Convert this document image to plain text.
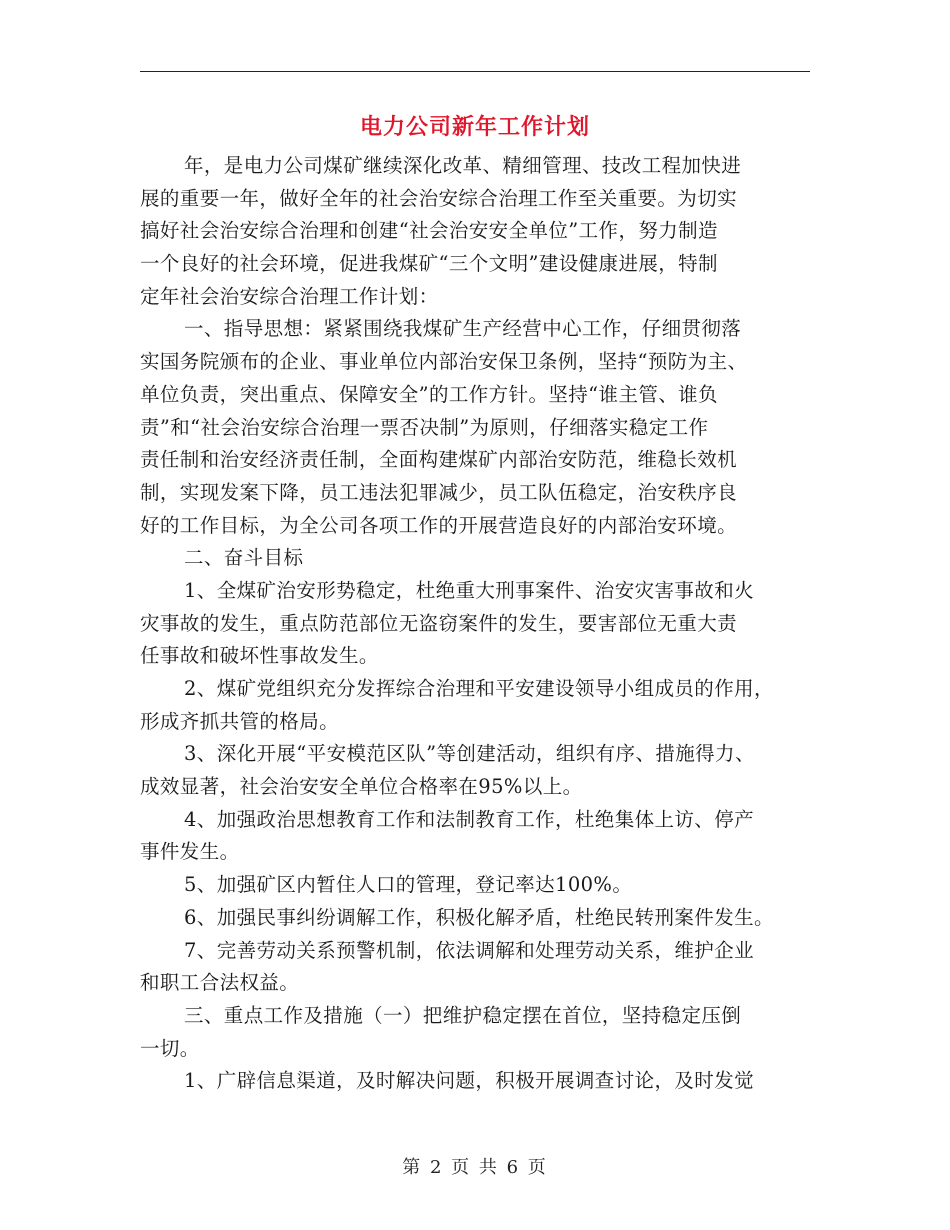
电力公司新年工作计划
年，是电力公司煤矿继续深化改革、精细管理、技改工程加快进
展的重要一年，做好全年的社会治安综合治理工作至关重要。为切实
搞好社会治安综合治理和创建“社会治安安全单位”工作，努力制造
一个良好的社会环境，促进我煤矿“三个文明”建设健康进展，特制
定年社会治安综合治理工作计划：
一、指导思想：紧紧围绕我煤矿生产经营中心工作，仔细贯彻落
实国务院颁布的企业、事业单位内部治安保卫条例，坚持“预防为主、
单位负责，突出重点、保障安全”的工作方针。坚持“谁主管、谁负
责”和“社会治安综合治理一票否决制”为原则，仔细落实稳定工作
责任制和治安经济责任制，全面构建煤矿内部治安防范，维稳长效机
制，实现发案下降，员工违法犯罪减少，员工队伍稳定，治安秩序良
好的工作目标，为全公司各项工作的开展营造良好的内部治安环境。
二、奋斗目标
1、全煤矿治安形势稳定，杜绝重大刑事案件、治安灾害事故和火
灾事故的发生，重点防范部位无盗窃案件的发生，要害部位无重大责
任事故和破坏性事故发生。
2、煤矿党组织充分发挥综合治理和平安建设领导小组成员的作用，
形成齐抓共管的格局。
3、深化开展“平安模范区队”等创建活动，组织有序、措施得力、
成效显著，社会治安安全单位合格率在95%以上。
4、加强政治思想教育工作和法制教育工作，杜绝集体上访、停产
事件发生。
5、加强矿区内暂住人口的管理，登记率达100%。
6、加强民事纠纷调解工作，积极化解矛盾，杜绝民转刑案件发生。
7、完善劳动关系预警机制，依法调解和处理劳动关系，维护企业
和职工合法权益。
三、重点工作及措施（一）把维护稳定摆在首位，坚持稳定压倒
一切。
1、广辟信息渠道，及时解决问题，积极开展调查讨论，及时发觉
第 2 页 共 6 页
